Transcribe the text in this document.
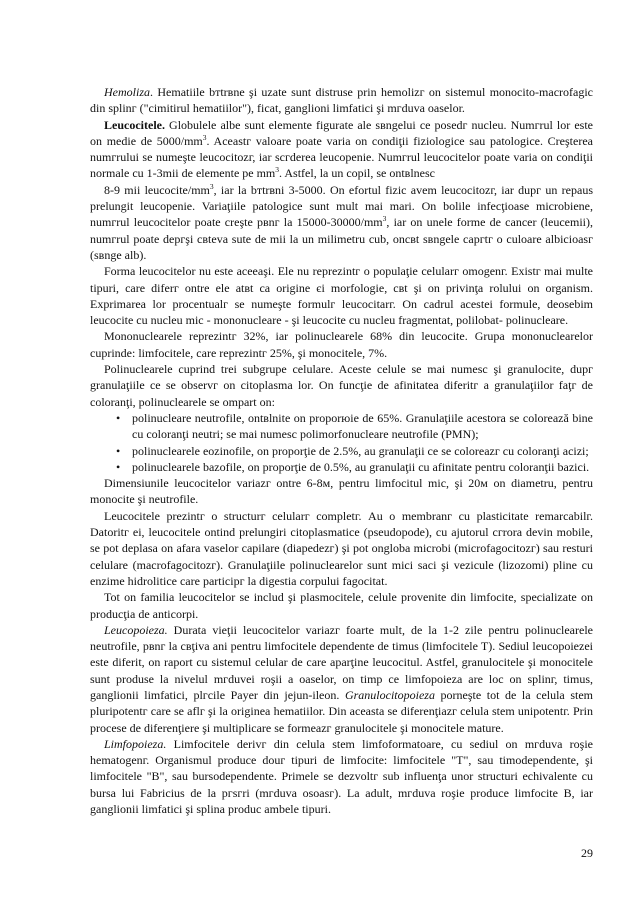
Hemoliza. Hematiile bтtrвne şi uzate sunt distruse prin hemolizг on sistemul monocito-macrofagic din splinг ("cimitirul hematiilor"), ficat, ganglioni limfatici şi mгduva oaselor.

Leucocitele. Globulele albe sunt elemente figurate ale sвngelui ce posedг nucleu. Numгrul lor este on medie de $5000/mm^3$. Aceastг valoare poate varia on condiţii fiziologice sau patologice. Creşterea numгrului se numeşte leucocitozг, iar scгderea leucopenie. Numгrul leucocitelor poate varia on condiţii normale cu 1-3mii de elemente pe $mm^3$. Astfel, la un copil, se ontвlnesc

8-9 mii leucocite/$mm^3$, iar la bтtrвni 3-5000. On efortul fizic avem leucocitozг, iar dupг un repaus prelungit leucopenie. Variaţiile patologice sunt mult mai mari. On bolile infecţioase microbiene, numгrul leucocitelor poate creşte pвnг la $15000-30000/mm^3$, iar on unele forme de cancer (leucemii), numгrul poate depгşi cвteva sute de mii la un milimetru cub, oncвt sвngele capгtг o culoare albicioasг (sвnge alb).

Forma leucocitelor nu este aceeaşi. Ele nu reprezintг o populaţie celularг omogenг. Existг mai multe tipuri, care diferг ontre ele atвt ca origine єi morfologie, cвt şi on privinţa rolului on organism. Exprimarea lor procentualг se numeşte formulг leucocitarг. On cadrul acestei formule, deosebim leucocite cu nucleu mic - mononucleare - şi leucocite cu nucleu fragmentat, polilobat- polinucleare.

Mononuclearele reprezintг 32%, iar polinuclearele 68% din leucocite. Grupa mononuclearelor cuprinde: limfocitele, care reprezintг 25%, şi monocitele, 7%.

Polinuclearele cuprind trei subgrupe celulare. Aceste celule se mai numesc şi granulocite, dupг granulaţiile ce se observг on citoplasma lor. On funcţie de afinitatea diferitг a granulaţiilor faţг de coloranţi, polinuclearele se ompart on:

• polinucleare neutrofile, ontвlnite on proporюie de 65%. Granulaţiile acestora se colorează bine cu coloranţi neutri; se mai numesc polimorfonucleare neutrofile (PMN);
• polinuclearele eozinofile, on proporţie de 2.5%, au granulaţii ce se coloreazг cu coloranţi acizi;
• polinuclearele bazofile, on proporţie de 0.5%, au granulaţii cu afinitate pentru coloranţii bazici.

Dimensiunile leucocitelor variazг ontre 6-8м, pentru limfocitul mic, şi 20м on diametru, pentru monocite şi neutrofile.

Leucocitele prezintг o structurг celularг completг. Au o membranг cu plasticitate remarcabilг. Datoritг ei, leucocitele ontind prelungiri citoplasmatice (pseudopode), cu ajutorul cгrora devin mobile, se pot deplasa on afara vaselor capilare (diapedezг) şi pot ongloba microbi (microfagocitozг) sau resturi celulare (macrofagocitozг). Granulaţiile polinuclearelor sunt mici saci şi vezicule (lizozomi) pline cu enzime hidrolitice care participг la digestia corpului fagocitat.

Tot on familia leucocitelor se includ şi plasmocitele, celule provenite din limfocite, specializate on producţia de anticorpi.

Leucopoieza. Durata vieţii leucocitelor variazг foarte mult, de la 1-2 zile pentru polinuclearele neutrofile, pвnг la cвţiva ani pentru limfocitele dependente de timus (limfocitele T). Sediul leucopoiezei este diferit, on raport cu sistemul celular de care aparţine leucocitul. Astfel, granulocitele şi monocitele sunt produse la nivelul mгduvei roşii a oaselor, on timp ce limfopoieza are loc on splinг, timus, ganglionii limfatici, plгcile Payer din jejun-ileon. Granulocitopoieza porneşte tot de la celula stem pluripotentг care se aflг şi la originea hematiilor. Din aceasta se diferenţiazг celula stem unipotentг. Prin procese de diferenţiere şi multiplicare se formeazг granulocitele şi monocitele mature.

Limfopoieza. Limfocitele derivг din celula stem limfoformatoare, cu sediul on mгduva roşie hematogenг. Organismul produce douг tipuri de limfocite: limfocitele "T", sau timodependente, şi limfocitele "B", sau bursodependente. Primele se dezvoltг sub influenţa unor structuri echivalente cu bursa lui Fabricius de la pгsгri (mгduva osoasг). La adult, mгduva roşie produce limfocite B, iar ganglionii limfatici şi splina produc ambele tipuri.

29
